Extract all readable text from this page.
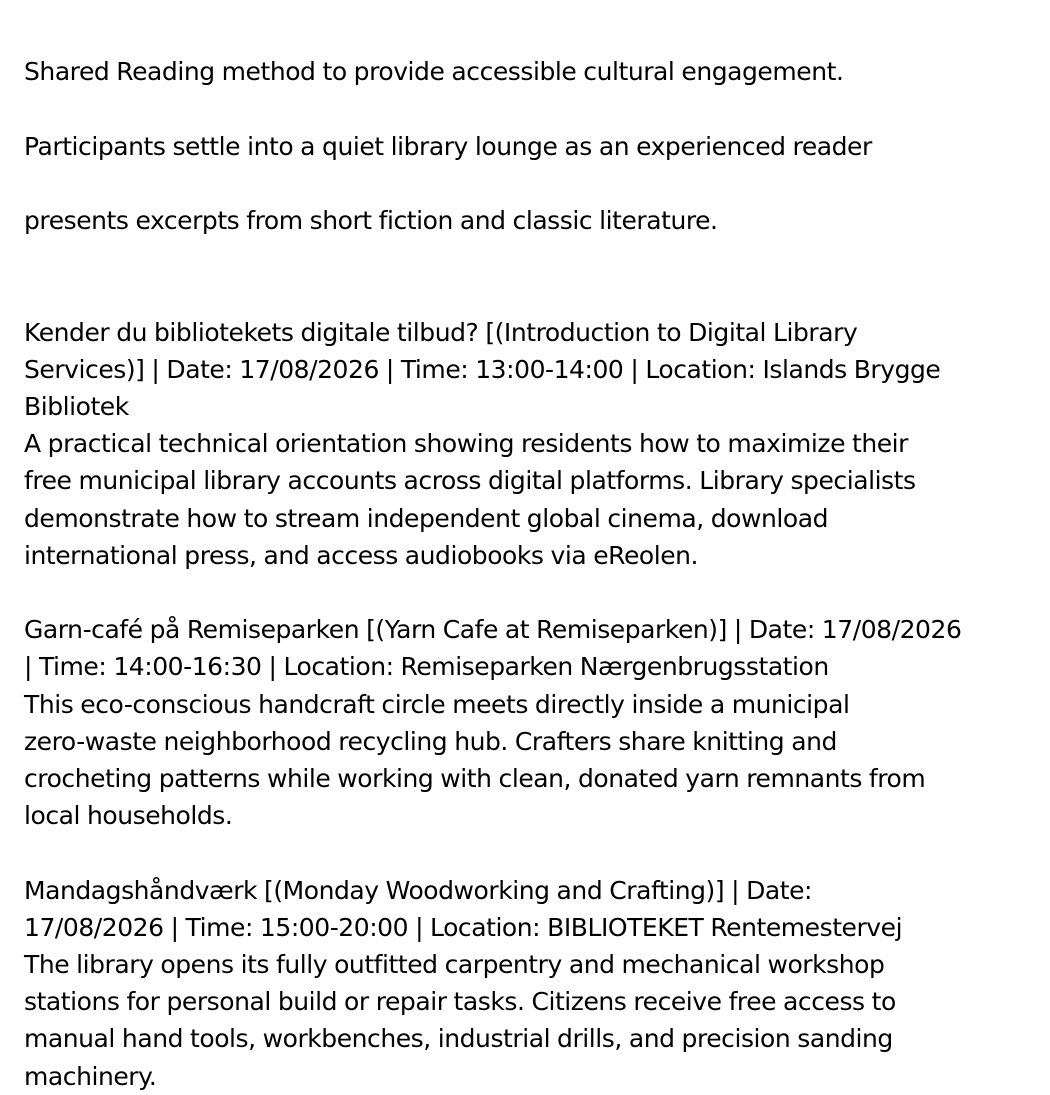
Shared Reading method to provide accessible cultural engagement.

Participants settle into a quiet library lounge as an experienced reader

presents excerpts from short fiction and classic literature.

Kender du bibliotekets digitale tilbud? [(Introduction to Digital Library
Services)] | Date: 17/08/2026 | Time: 13:00-14:00 | Location: Islands Brygge
Bibliotek
A practical technical orientation showing residents how to maximize their
free municipal library accounts across digital platforms. Library specialists
demonstrate how to stream independent global cinema, download
international press, and access audiobooks via eReolen.
Garn-café på Remiseparken [(Yarn Cafe at Remiseparken)] | Date: 17/08/2026
| Time: 14:00-16:30 | Location: Remiseparken Nærgenbrugsstation
This eco-conscious handcraft circle meets directly inside a municipal
zero-waste neighborhood recycling hub. Crafters share knitting and
crocheting patterns while working with clean, donated yarn remnants from
local households.
Mandagshåndværk [(Monday Woodworking and Crafting)] | Date:
17/08/2026 | Time: 15:00-20:00 | Location: BIBLIOTEKET Rentemestervej
The library opens its fully outfitted carpentry and mechanical workshop
stations for personal build or repair tasks. Citizens receive free access to
manual hand tools, workbenches, industrial drills, and precision sanding
machinery.
